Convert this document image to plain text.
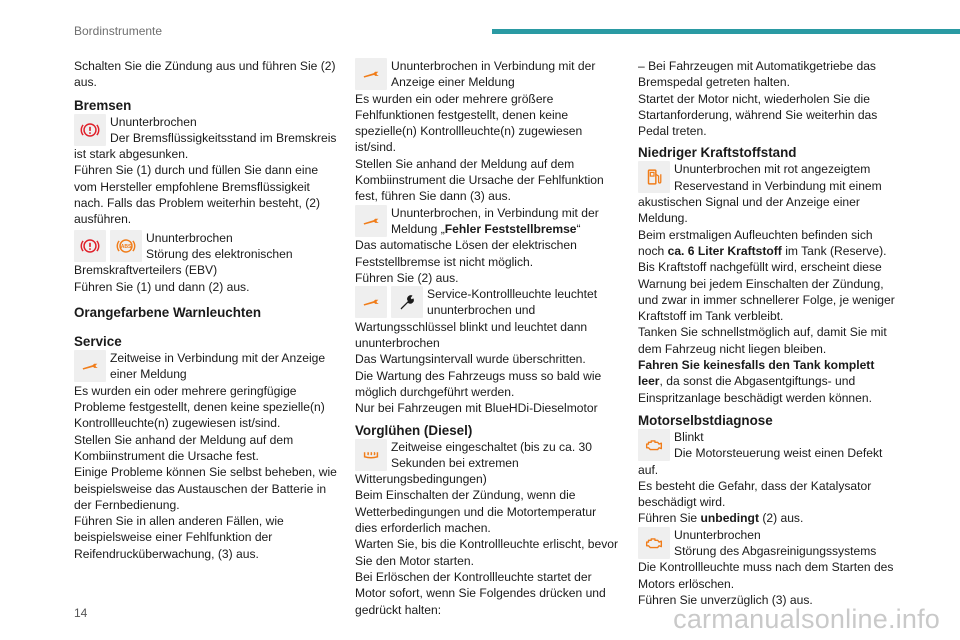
Bordinstrumente

Schalten Sie die Zündung aus und führen Sie (2) aus.

Bremsen

Ununterbrochen

Der Bremsflüssigkeitsstand im Bremskreis ist stark abgesunken.

Führen Sie (1) durch und füllen Sie dann eine vom Hersteller empfohlene Bremsflüssigkeit nach. Falls das Problem weiterhin besteht, (2) ausführen.

ABS

Ununterbrochen

Störung des elektronischen Bremskraftverteilers (EBV)

Führen Sie (1) und dann (2) aus.

Orangefarbene Warnleuchten

Service

Zeitweise in Verbindung mit der Anzeige einer Meldung

Es wurden ein oder mehrere geringfügige Probleme festgestellt, denen keine spezielle(n) Kontrollleuchte(n) zugewiesen ist/sind.

Stellen Sie anhand der Meldung auf dem Kombiinstrument die Ursache fest.

Einige Probleme können Sie selbst beheben, wie beispielsweise das Austauschen der Batterie in der Fernbedienung.

Führen Sie in allen anderen Fällen, wie beispielsweise einer Fehlfunktion der Reifendrucküberwachung, (3) aus.

Ununterbrochen in Verbindung mit der Anzeige einer Meldung

Es wurden ein oder mehrere größere Fehlfunktionen festgestellt, denen keine spezielle(n) Kontrollleuchte(n) zugewiesen ist/sind.

Stellen Sie anhand der Meldung auf dem Kombiinstrument die Ursache der Fehlfunktion fest, führen Sie dann (3) aus.

Ununterbrochen, in Verbindung mit der Meldung „Fehler Feststellbremse“

Das automatische Lösen der elektrischen Feststellbremse ist nicht möglich.

Führen Sie (2) aus.

Service-Kontrollleuchte leuchtet ununterbrochen und Wartungsschlüssel blinkt und leuchtet dann ununterbrochen

Das Wartungsintervall wurde überschritten.

Die Wartung des Fahrzeugs muss so bald wie möglich durchgeführt werden.

Nur bei Fahrzeugen mit BlueHDi-Dieselmotor

Vorglühen (Diesel)

Zeitweise eingeschaltet (bis zu ca. 30 Sekunden bei extremen Witterungsbedingungen)

Beim Einschalten der Zündung, wenn die Wetterbedingungen und die Motortemperatur dies erforderlich machen.

Warten Sie, bis die Kontrollleuchte erlischt, bevor Sie den Motor starten.

Bei Erlöschen der Kontrollleuchte startet der Motor sofort, wenn Sie Folgendes drücken und gedrückt halten:

– Bei Fahrzeugen mit Automatikgetriebe das Bremspedal getreten halten.

Startet der Motor nicht, wiederholen Sie die Startanforderung, während Sie weiterhin das Pedal treten.

Niedriger Kraftstoffstand

Ununterbrochen mit rot angezeigtem Reservestand in Verbindung mit einem akustischen Signal und der Anzeige einer Meldung.

Beim erstmaligen Aufleuchten befinden sich noch ca. 6 Liter Kraftstoff im Tank (Reserve).

Bis Kraftstoff nachgefüllt wird, erscheint diese Warnung bei jedem Einschalten der Zündung, und zwar in immer schnellerer Folge, je weniger Kraftstoff im Tank verbleibt.

Tanken Sie schnellstmöglich auf, damit Sie mit dem Fahrzeug nicht liegen bleiben.

Fahren Sie keinesfalls den Tank komplett leer, da sonst die Abgasentgiftungs- und Einspritzanlage beschädigt werden können.

Motorselbstdiagnose

Blinkt

Die Motorsteuerung weist einen Defekt auf.

Es besteht die Gefahr, dass der Katalysator beschädigt wird.

Führen Sie unbedingt (2) aus.

Ununterbrochen

Störung des Abgasreinigungssystems

Die Kontrollleuchte muss nach dem Starten des Motors erlöschen.

Führen Sie unverzüglich (3) aus.

14	carmanualsonline.info
